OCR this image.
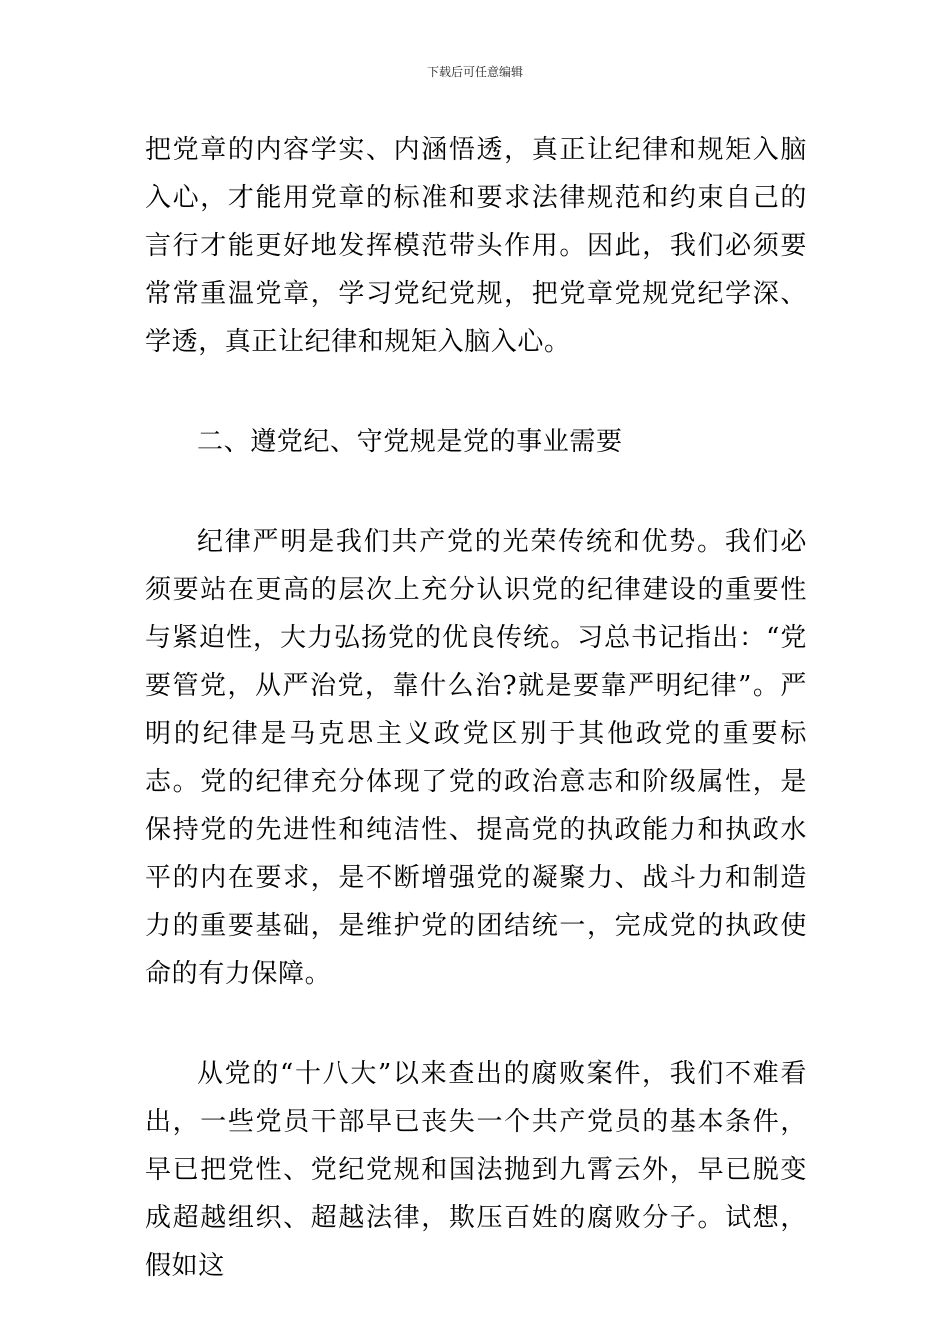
下载后可任意编辑

把党章的内容学实、内涵悟透，真正让纪律和规矩入脑入心，才能用党章的标准和要求法律规范和约束自己的言行才能更好地发挥模范带头作用。因此，我们必须要常常重温党章，学习党纪党规，把党章党规党纪学深、学透，真正让纪律和规矩入脑入心。

二、遵党纪、守党规是党的事业需要

纪律严明是我们共产党的光荣传统和优势。我们必须要站在更高的层次上充分认识党的纪律建设的重要性与紧迫性，大力弘扬党的优良传统。习总书记指出：“党要管党，从严治党，靠什么治?就是要靠严明纪律”。严明的纪律是马克思主义政党区别于其他政党的重要标志。党的纪律充分体现了党的政治意志和阶级属性，是保持党的先进性和纯洁性、提高党的执政能力和执政水平的内在要求，是不断增强党的凝聚力、战斗力和制造力的重要基础，是维护党的团结统一，完成党的执政使命的有力保障。

从党的“十八大”以来查出的腐败案件，我们不难看出，一些党员干部早已丧失一个共产党员的基本条件，早已把党性、党纪党规和国法抛到九霄云外，早已脱变成超越组织、超越法律，欺压百姓的腐败分子。试想，假如这
